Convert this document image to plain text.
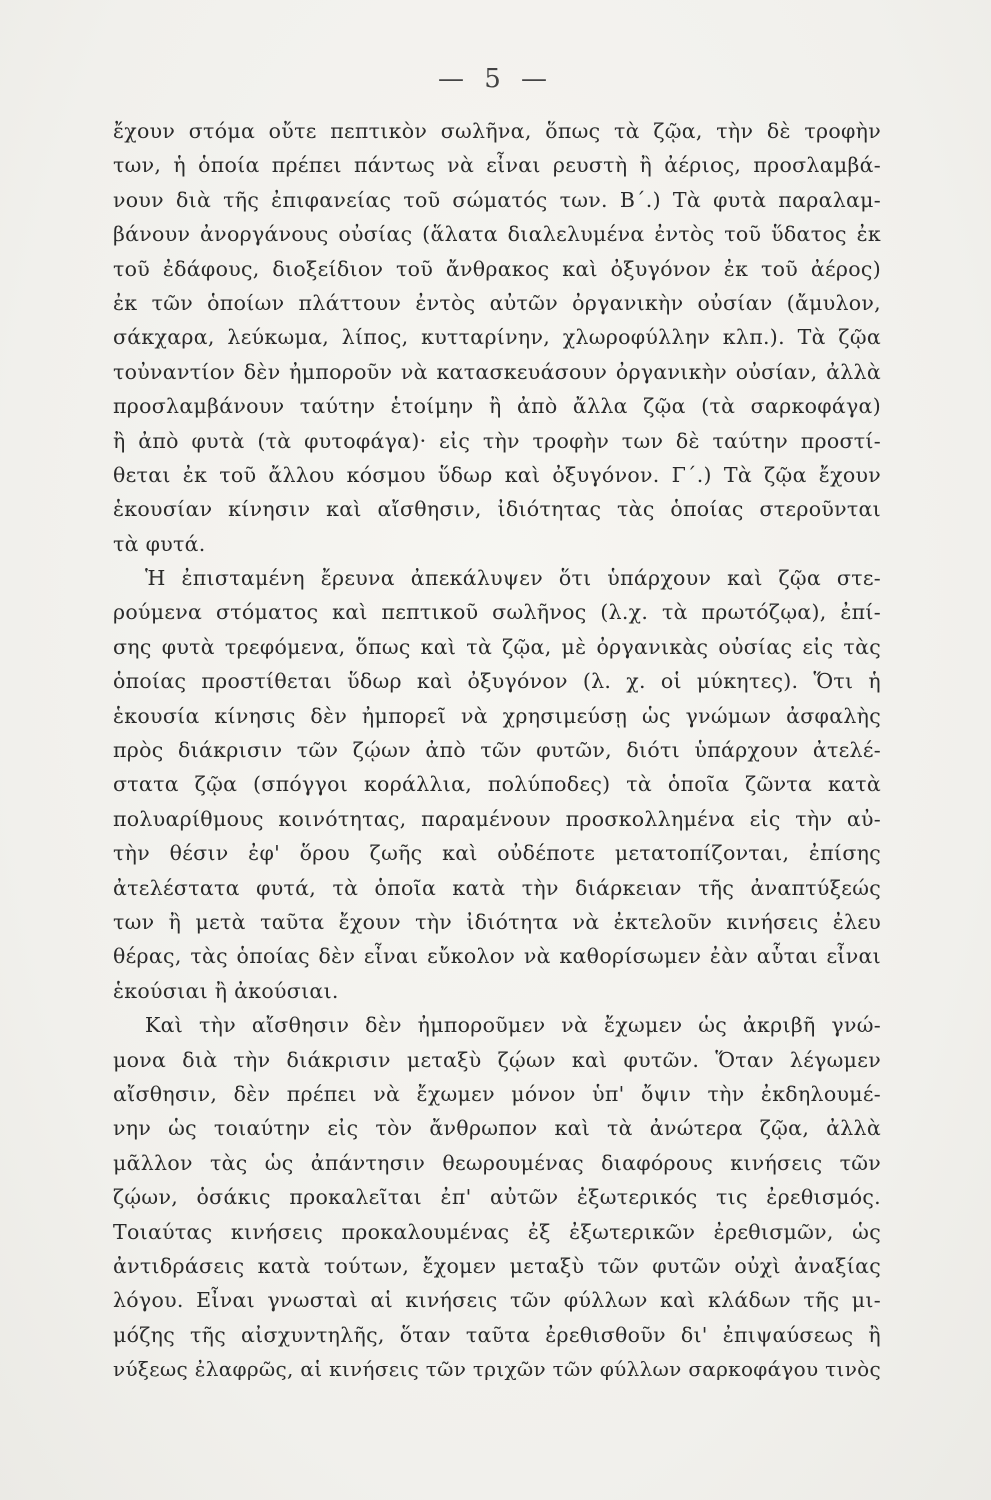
— 5 —
ἔχουν στόμα οὔτε πεπτικὸν σωλῆνα, ὅπως τὰ ζῷα, τὴν δὲ τροφὴν
των, ἡ ὁποία πρέπει πάντως νὰ εἶναι ρευστὴ ἢ ἀέριος, προσλαμβά-
νουν διὰ τῆς ἐπιφανείας τοῦ σώματός των. Β΄.) Τὰ φυτὰ παραλαμ-
βάνουν ἀνοργάνους οὐσίας (ἅλατα διαλελυμένα ἐντὸς τοῦ ὕδατος ἐκ
τοῦ ἐδάφους, διοξείδιον τοῦ ἄνθρακος καὶ ὀξυγόνον ἐκ τοῦ ἀέρος)
ἐκ τῶν ὁποίων πλάττουν ἐντὸς αὐτῶν ὀργανικὴν οὐσίαν (ἄμυλον,
σάκχαρα, λεύκωμα, λίπος, κυτταρίνην, χλωροφύλλην κλπ.). Τὰ ζῷα
τοὐναντίον δὲν ἠμποροῦν νὰ κατασκευάσουν ὀργανικὴν οὐσίαν, ἀλλὰ
προσλαμβάνουν ταύτην ἑτοίμην ἢ ἀπὸ ἄλλα ζῷα (τὰ σαρκοφάγα)
ἢ ἀπὸ φυτὰ (τὰ φυτοφάγα)· εἰς τὴν τροφὴν των δὲ ταύτην προστί-
θεται ἐκ τοῦ ἄλλου κόσμου ὕδωρ καὶ ὀξυγόνον. Γ΄.) Τὰ ζῷα ἔχουν
ἑκουσίαν κίνησιν καὶ αἴσθησιν, ἰδιότητας τὰς ὁποίας στεροῦνται
τὰ φυτά.
Ἡ ἐπισταμένη ἔρευνα ἀπεκάλυψεν ὅτι ὑπάρχουν καὶ ζῷα στε-
ρούμενα στόματος καὶ πεπτικοῦ σωλῆνος (λ.χ. τὰ πρωτόζῳα), ἐπί-
σης φυτὰ τρεφόμενα, ὅπως καὶ τὰ ζῷα, μὲ ὀργανικὰς οὐσίας εἰς τὰς
ὁποίας προστίθεται ὕδωρ καὶ ὀξυγόνον (λ. χ. οἱ μύκητες). Ὅτι ἡ
ἑκουσία κίνησις δὲν ἠμπορεῖ νὰ χρησιμεύσῃ ὡς γνώμων ἀσφαλὴς
πρὸς διάκρισιν τῶν ζῴων ἀπὸ τῶν φυτῶν, διότι ὑπάρχουν ἀτελέ-
στατα ζῷα (σπόγγοι κοράλλια, πολύποδες) τὰ ὁποῖα ζῶντα κατὰ
πολυαρίθμους κοινότητας, παραμένουν προσκολλημένα εἰς τὴν αὐ-
τὴν θέσιν ἐφ' ὅρου ζωῆς καὶ οὐδέποτε μετατοπίζονται, ἐπίσης
ἀτελέστατα φυτά, τὰ ὁποῖα κατὰ τὴν διάρκειαν τῆς ἀναπτύξεώς
των ἢ μετὰ ταῦτα ἔχουν τὴν ἰδιότητα νὰ ἐκτελοῦν κινήσεις ἐλευ
θέρας, τὰς ὁποίας δὲν εἶναι εὔκολον νὰ καθορίσωμεν ἐὰν αὗται εἶναι
ἑκούσιαι ἢ ἀκούσιαι.
Καὶ τὴν αἴσθησιν δὲν ἠμποροῦμεν νὰ ἔχωμεν ὡς ἀκριβῆ γνώ-
μονα διὰ τὴν διάκρισιν μεταξὺ ζῴων καὶ φυτῶν. Ὅταν λέγωμεν
αἴσθησιν, δὲν πρέπει νὰ ἔχωμεν μόνον ὑπ' ὄψιν τὴν ἐκδηλουμέ-
νην ὡς τοιαύτην εἰς τὸν ἄνθρωπον καὶ τὰ ἀνώτερα ζῷα, ἀλλὰ
μᾶλλον τὰς ὡς ἀπάντησιν θεωρουμένας διαφόρους κινήσεις τῶν
ζῴων, ὁσάκις προκαλεῖται ἐπ' αὐτῶν ἐξωτερικός τις ἐρεθισμός.
Τοιαύτας κινήσεις προκαλουμένας ἐξ ἐξωτερικῶν ἐρεθισμῶν, ὡς
ἀντιδράσεις κατὰ τούτων, ἔχομεν μεταξὺ τῶν φυτῶν οὐχὶ ἀναξίας
λόγου. Εἶναι γνωσταὶ αἱ κινήσεις τῶν φύλλων καὶ κλάδων τῆς μι-
μόζης τῆς αἰσχυντηλῆς, ὅταν ταῦτα ἐρεθισθοῦν δι' ἐπιψαύσεως ἢ
νύξεως ἐλαφρῶς, αἱ κινήσεις τῶν τριχῶν τῶν φύλλων σαρκοφάγου τινὸς
